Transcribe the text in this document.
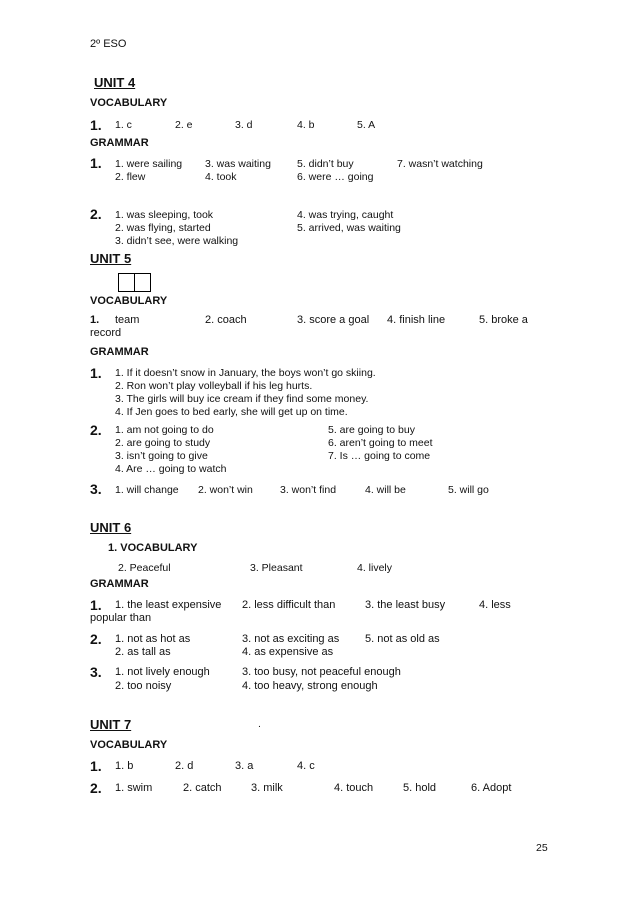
2º ESO
UNIT 4
VOCABULARY
1. 1. c	2. e	3. d	4. b	5. A
GRAMMAR
1. 1. were sailing 3. was waiting 5. didn’t buy	7. wasn’t watching
2. flew	4. took	6. were … going
2. 1. was sleeping, took	4. was trying, caught
2. was flying, started	5. arrived, was waiting
3. didn’t see, were walking
UNIT 5
VOCABULARY
1. team	2. coach	3. score a goal 4. finish line	5. broke a
record
GRAMMAR
1. 1. If it doesn’t snow in January, the boys won’t go skiing.
2. Ron won’t play volleyball if his leg hurts.
3. The girls will buy ice cream if they find some money.
4. If Jen goes to bed early, she will get up on time.
2. 1. am not going to do	5. are going to buy
2. are going to study	6. aren’t going to meet
3. isn’t going to give	7. Is … going to come
4. Are … going to watch
3. 1. will change 2. won’t win	3. won’t find	4. will be	5. will go
UNIT 6
1. VOCABULARY
2. Peaceful	3. Pleasant	4. lively
GRAMMAR
1. 1. the least expensive 2. less difficult than	3. the least busy	4. less
popular than
2. 1. not as hot as	3. not as exciting as 5. not as old as
2. as tall as	4. as expensive as
3. 1. not lively enough	3. too busy, not peaceful enough
2. too noisy	4. too heavy, strong enough
UNIT 7	.
VOCABULARY
1. 1. b	2. d	3. a	4. c
2. 1. swim	2. catch	3. milk	4. touch	5. hold	6. Adopt
25
